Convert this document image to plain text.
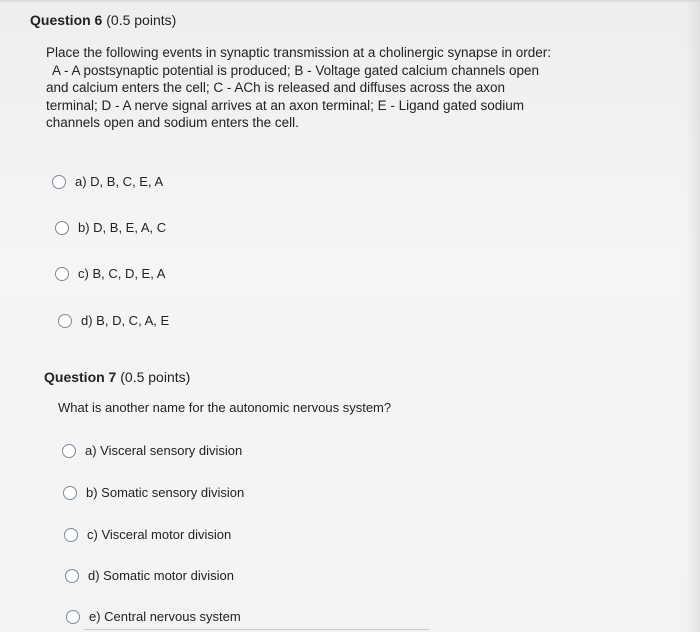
Question 6 (0.5 points)
Place the following events in synaptic transmission at a cholinergic synapse in order:
A - A postsynaptic potential is produced; B - Voltage gated calcium channels open
and calcium enters the cell; C - ACh is released and diffuses across the axon
terminal; D - A nerve signal arrives at an axon terminal; E - Ligand gated sodium
channels open and sodium enters the cell.
a) D, B, C, E, A
b) D, B, E, A, C
c) B, C, D, E, A
d) B, D, C, A, E
Question 7 (0.5 points)
What is another name for the autonomic nervous system?
a) Visceral sensory division
b) Somatic sensory division
c) Visceral motor division
d) Somatic motor division
e) Central nervous system
